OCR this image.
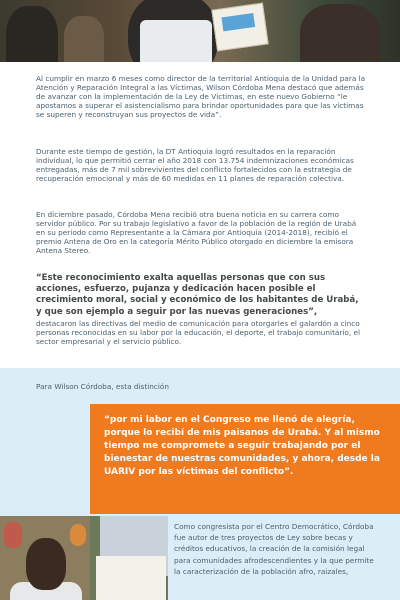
Al cumplir en marzo 6 meses como director de la territorial Antioquia de la Unidad para la Atención y Reparación Integral a las Víctimas, Wilson Córdoba Mena destacó que además de avanzar con la implementación de la Ley de Víctimas, en este nuevo Gobierno “le apostamos a superar el asistencialismo para brindar oportunidades para que las víctimas se superen y reconstruyan sus proyectos de vida”.

Durante este tiempo de gestión, la DT Antioquia logró resultados en la reparación individual, lo que permitió cerrar el año 2018 con 13.754 indemnizaciones económicas entregadas, más de 7 mil sobrevivientes del conflicto fortalecidos con la estrategia de recuperación emocional y más de 60 medidas en 11 planes de reparación colectiva.

En diciembre pasado, Córdoba Mena recibió otra buena noticia en su carrera como servidor público. Por su trabajo legislativo a favor de la población de la región de Urabá en su periodo como Representante a la Cámara por Antioquia (2014-2018), recibió el premio Antena de Oro en la categoría Mérito Público otorgado en diciembre la emisora Antena Stereo.

“Este reconocimiento exalta aquellas personas que con sus acciones, esfuerzo, pujanza y dedicación hacen posible el crecimiento moral, social y económico de los habitantes de Urabá, y que son ejemplo a seguir por las nuevas generaciones”,

destacaron las directivas del medio de comunicación para otorgarles el galardón a cinco personas reconocidas en su labor por la educación, el deporte, el trabajo comunitario, el sector empresarial y el servicio público.

Para Wilson Córdoba, esta distinción

“por mi labor en el Congreso me llenó de alegría, porque lo recibí de mis paisanos de Urabá. Y al mismo tiempo me compromete a seguir trabajando por el bienestar de nuestras comunidades, y ahora, desde la UARIV por las víctimas del conflicto”.

Como congresista por el Centro Democrático, Córdoba fue autor de tres proyectos de Ley sobre becas y créditos educativos, la creación de la comisión legal para comunidades afrodescendientes y la que permite la caracterización de la población afro, raizales,
